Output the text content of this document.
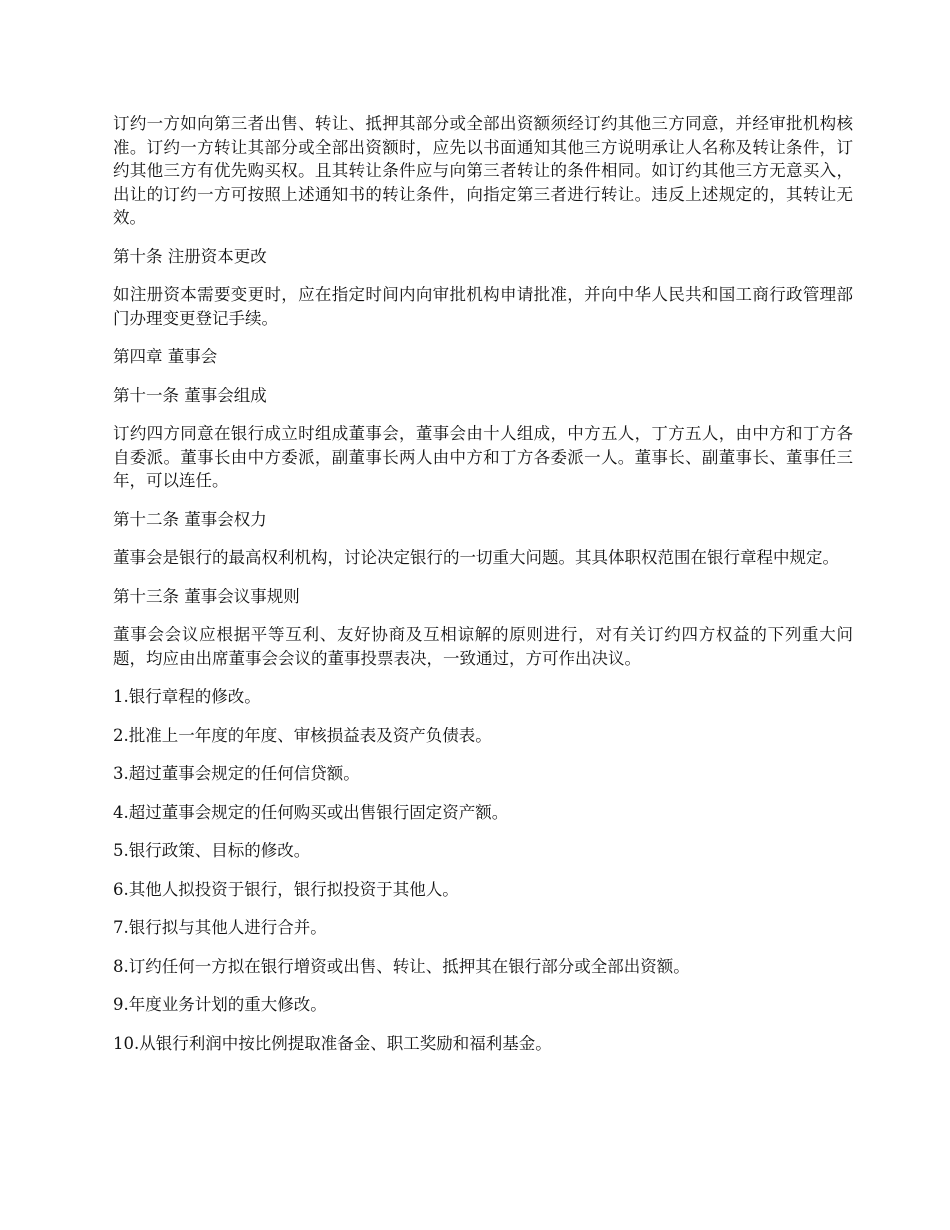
订约一方如向第三者出售、转让、抵押其部分或全部出资额须经订约其他三方同意，并经审批机构核准。订约一方转让其部分或全部出资额时，应先以书面通知其他三方说明承让人名称及转让条件，订约其他三方有优先购买权。且其转让条件应与向第三者转让的条件相同。如订约其他三方无意买入，出让的订约一方可按照上述通知书的转让条件，向指定第三者进行转让。违反上述规定的，其转让无效。

第十条 注册资本更改

如注册资本需要变更时，应在指定时间内向审批机构申请批准，并向中华人民共和国工商行政管理部门办理变更登记手续。

第四章 董事会

第十一条 董事会组成

订约四方同意在银行成立时组成董事会，董事会由十人组成，中方五人，丁方五人，由中方和丁方各自委派。董事长由中方委派，副董事长两人由中方和丁方各委派一人。董事长、副董事长、董事任三年，可以连任。

第十二条 董事会权力

董事会是银行的最高权利机构，讨论决定银行的一切重大问题。其具体职权范围在银行章程中规定。

第十三条 董事会议事规则

董事会会议应根据平等互利、友好协商及互相谅解的原则进行，对有关订约四方权益的下列重大问题，均应由出席董事会会议的董事投票表决，一致通过，方可作出决议。

1.银行章程的修改。

2.批准上一年度的年度、审核损益表及资产负债表。

3.超过董事会规定的任何信贷额。

4.超过董事会规定的任何购买或出售银行固定资产额。

5.银行政策、目标的修改。

6.其他人拟投资于银行，银行拟投资于其他人。

7.银行拟与其他人进行合并。

8.订约任何一方拟在银行增资或出售、转让、抵押其在银行部分或全部出资额。

9.年度业务计划的重大修改。

10.从银行利润中按比例提取准备金、职工奖励和福利基金。
